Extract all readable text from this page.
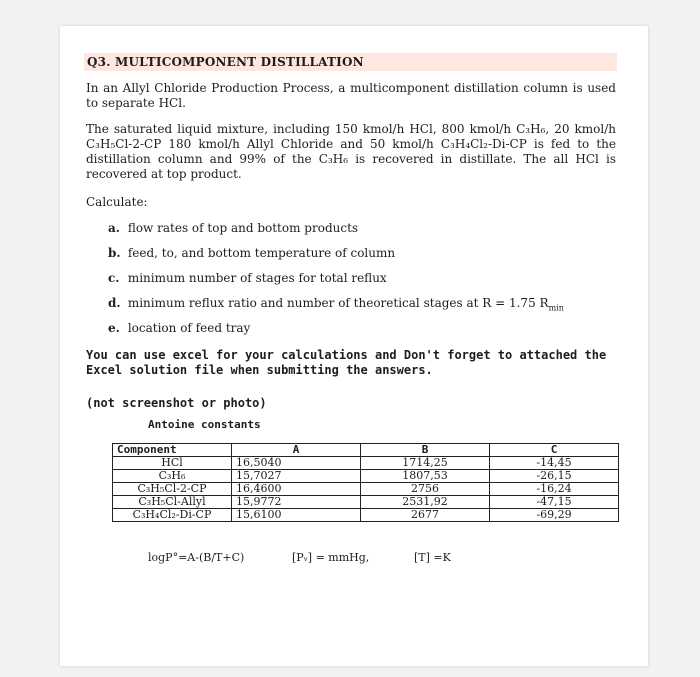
Q3. MULTICOMPONENT DISTILLATION
In an Allyl Chloride Production Process, a multicomponent distillation column is used to separate HCl.
The saturated liquid mixture, including 150 kmol/h HCl, 800 kmol/h C₃H₆, 20 kmol/h C₃H₅Cl-2-CP 180 kmol/h Allyl Chloride and 50 kmol/h C₃H₄Cl₂-Di-CP is fed to the distillation column and 99% of the C₃H₆ is recovered in distillate. The all HCl is recovered at top product.
Calculate:
a. flow rates of top and bottom products
b. feed, to, and bottom temperature of column
c. minimum number of stages for total reflux
d. minimum reflux ratio and number of theoretical stages at R = 1.75 $R_{min}$
e. location of feed tray
You can use excel for your calculations and Don't forget to attached the Excel solution file when submitting the answers.
(not screenshot or photo)
Antoine constants
Component	A	B	C
HCl	16,5040	1714,25	-14,45
C₃H₆	15,7027	1807,53	-26,15
C₃H₅Cl-2-CP	16,4600	2756	-16,24
C₃H₅Cl-Allyl	15,9772	2531,92	-47,15
C₃H₄Cl₂-Di-CP	15,6100	2677	-69,29
logP°=A-(B/T+C)	[Pᵥ] = mmHg,	[T] =K
